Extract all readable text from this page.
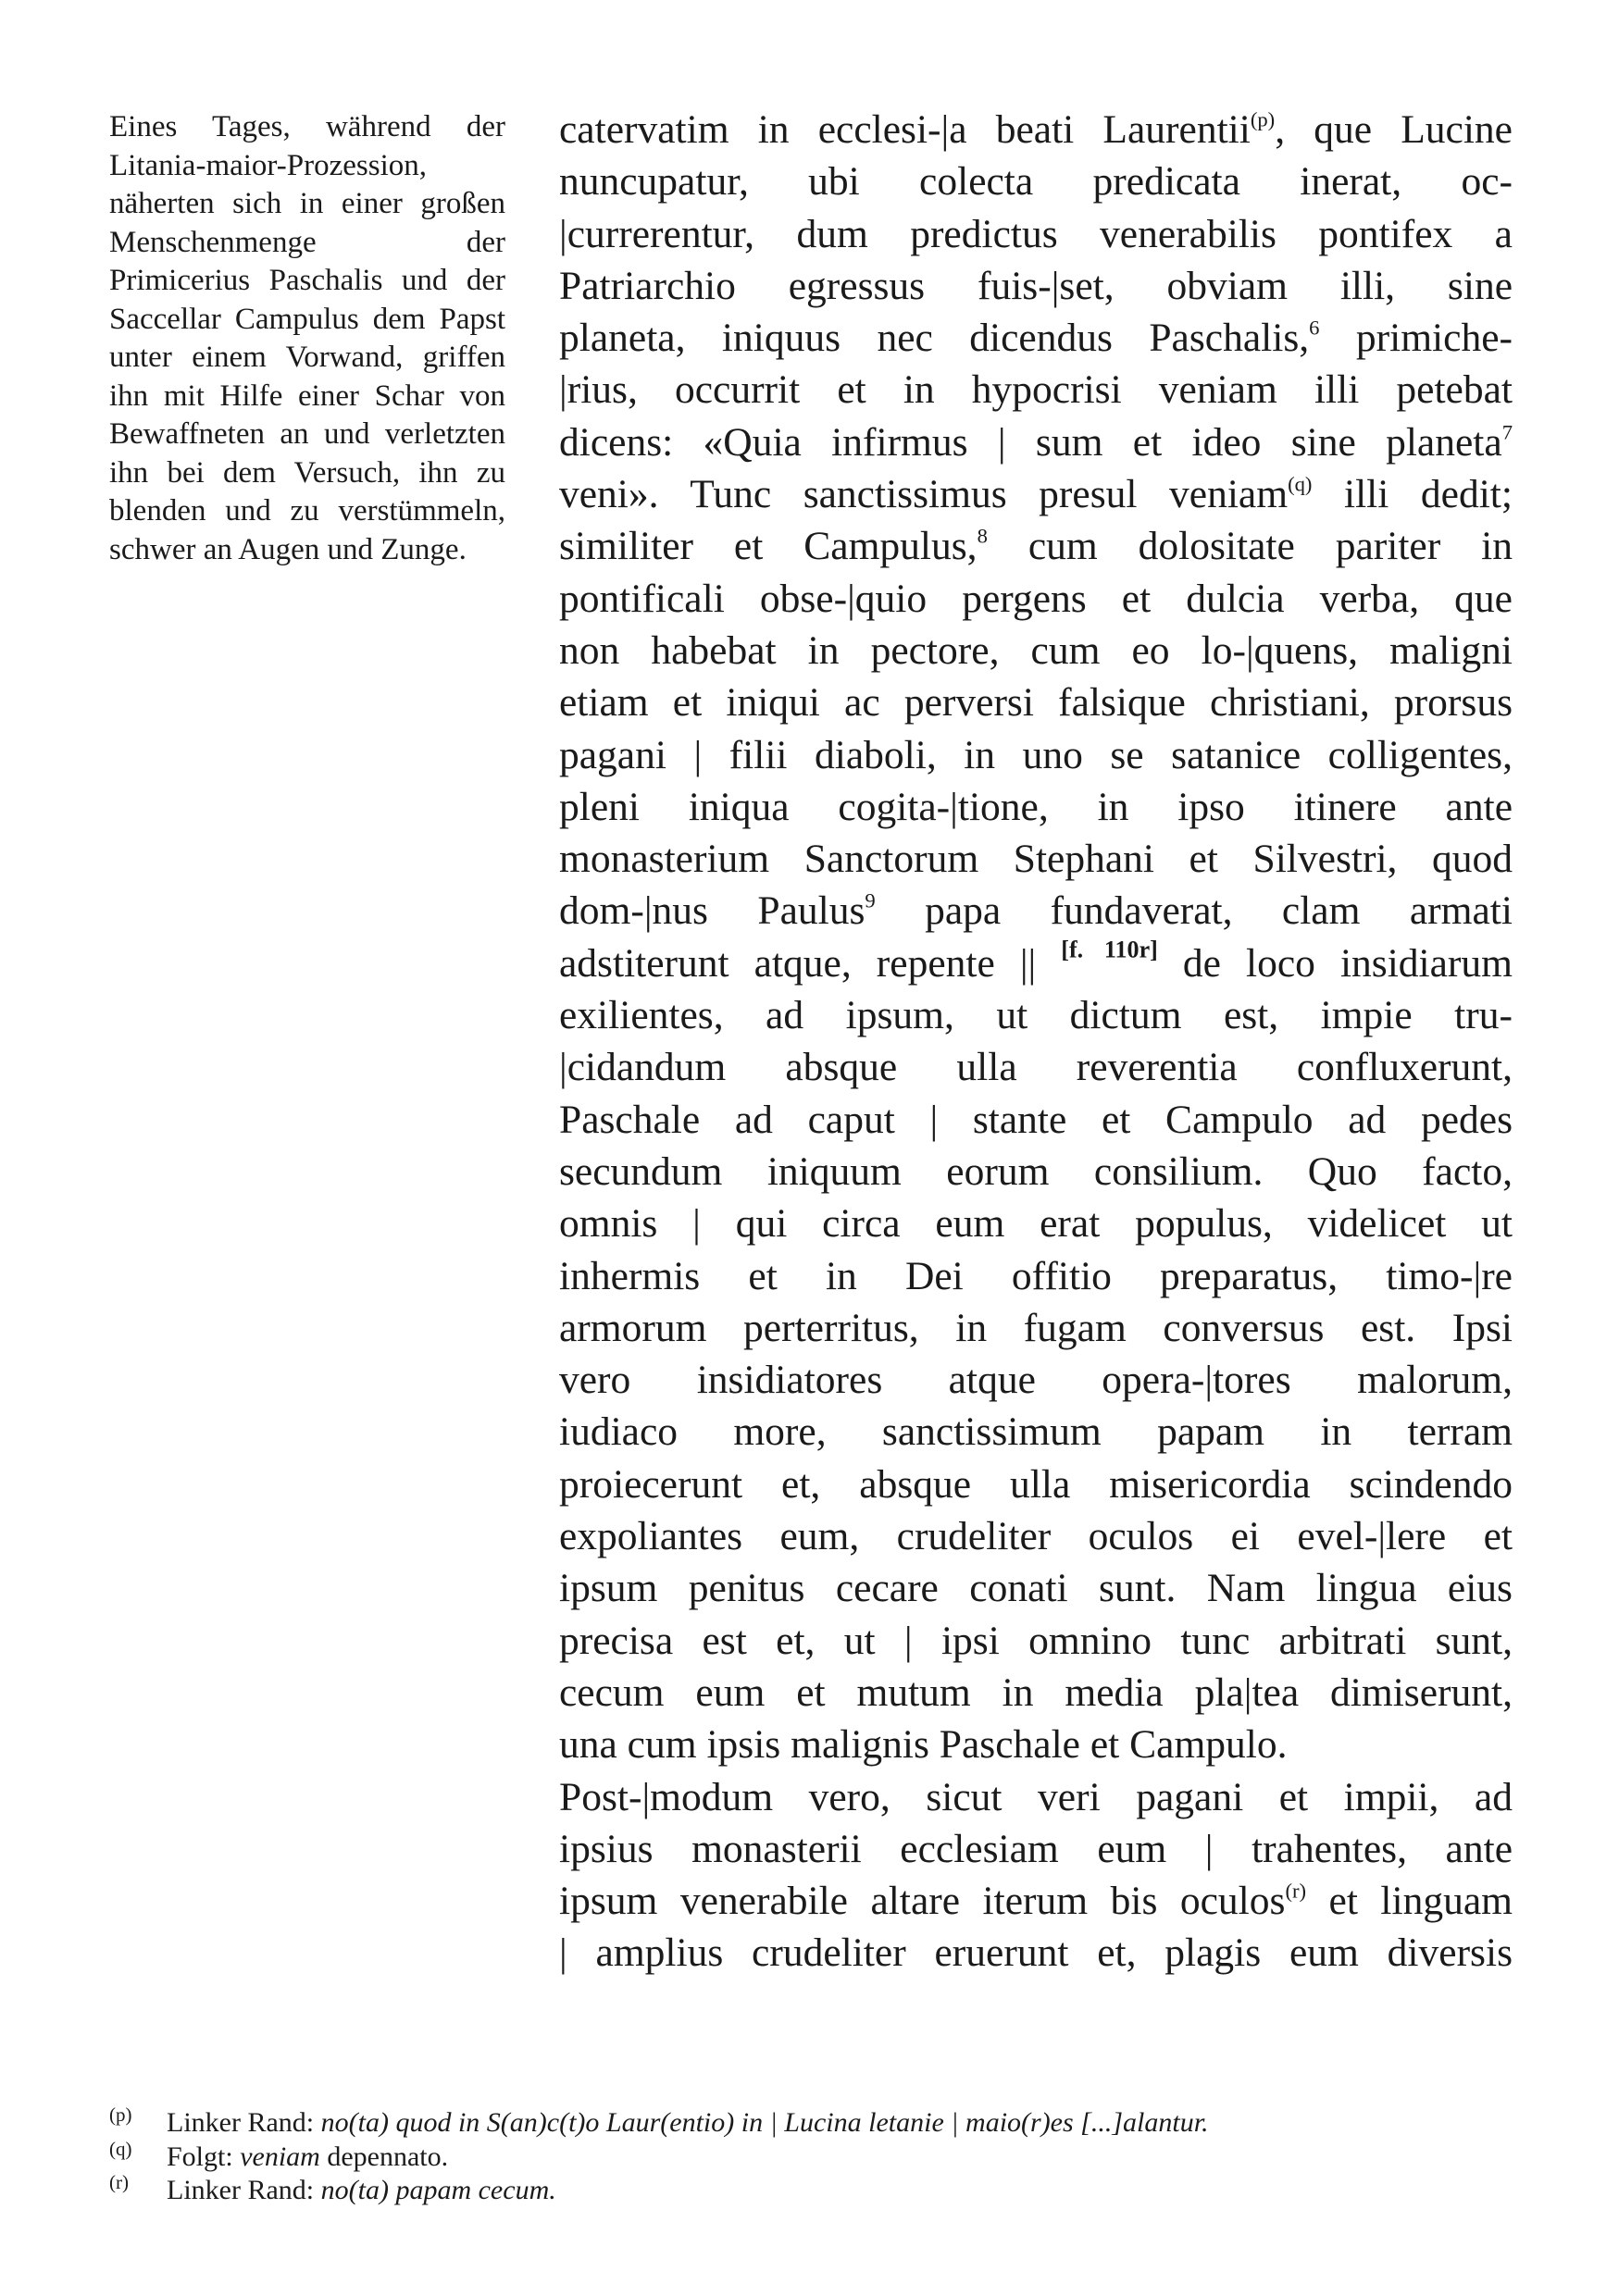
Eines Tages, während der Litania-maior-Prozession, näherten sich in einer großen Menschenmenge der Primicerius Paschalis und der Saccellar Campulus dem Papst unter einem Vorwand, griffen ihn mit Hilfe einer Schar von Bewaffneten an und verletzten ihn bei dem Versuch, ihn zu blenden und zu verstümmeln, schwer an Augen und Zunge.
catervatim in ecclesi-|a beati Laurentii$^{(p)}$, que Lucine
nuncupatur, ubi colecta predicata inerat, oc-
|currerentur, dum predictus venerabilis pontifex a
Patriarchio egressus fuis-|set, obviam illi, sine
planeta, iniquus nec dicendus Paschalis,$^6$ primiche-
|rius, occurrit et in hypocrisi veniam illi petebat
dicens: «Quia infirmus | sum et ideo sine planeta$^7$
veni». Tunc sanctissimus presul veniam$^{(q)}$ illi dedit;
similiter et Campulus,$^8$ cum dolositate pariter in
pontificali obse-|quio pergens et dulcia verba, que
non habebat in pectore, cum eo lo-|quens, maligni
etiam et iniqui ac perversi falsique christiani, prorsus
pagani | filii diaboli, in uno se satanice colligentes,
pleni iniqua cogita-|tione, in ipso itinere ante
monasterium Sanctorum Stephani et Silvestri, quod
dom-|nus Paulus$^9$ papa fundaverat, clam armati
adstiterunt atque, repente || [f. 110r] de loco insidiarum
exilientes, ad ipsum, ut dictum est, impie tru-
|cidandum absque ulla reverentia confluxerunt,
Paschale ad caput | stante et Campulo ad pedes
secundum iniquum eorum consilium. Quo facto,
omnis | qui circa eum erat populus, videlicet ut
inhermis et in Dei offitio preparatus, timo-|re
armorum perterritus, in fugam conversus est. Ipsi
vero insidiatores atque opera-|tores malorum,
iudiaco more, sanctissimum papam in terram
proiecerunt et, absque ulla misericordia scindendo
expoliantes eum, crudeliter oculos ei evel-|lere et
ipsum penitus cecare conati sunt. Nam lingua eius
precisa est et, ut | ipsi omnino tunc arbitrati sunt,
cecum eum et mutum in media pla|tea dimiserunt,
una cum ipsis malignis Paschale et Campulo.
Post-|modum vero, sicut veri pagani et impii, ad
ipsius monasterii ecclesiam eum | trahentes, ante
ipsum venerabile altare iterum bis oculos$^{(r)}$ et linguam
| amplius crudeliter eruerunt et, plagis eum diversis
(p) Linker Rand: no(ta) quod in S(an)c(t)o Laur(entio) in | Lucina letanie | maio(r)es [...]alantur.
(q) Folgt: veniam depennato.
(r) Linker Rand: no(ta) papam cecum.
